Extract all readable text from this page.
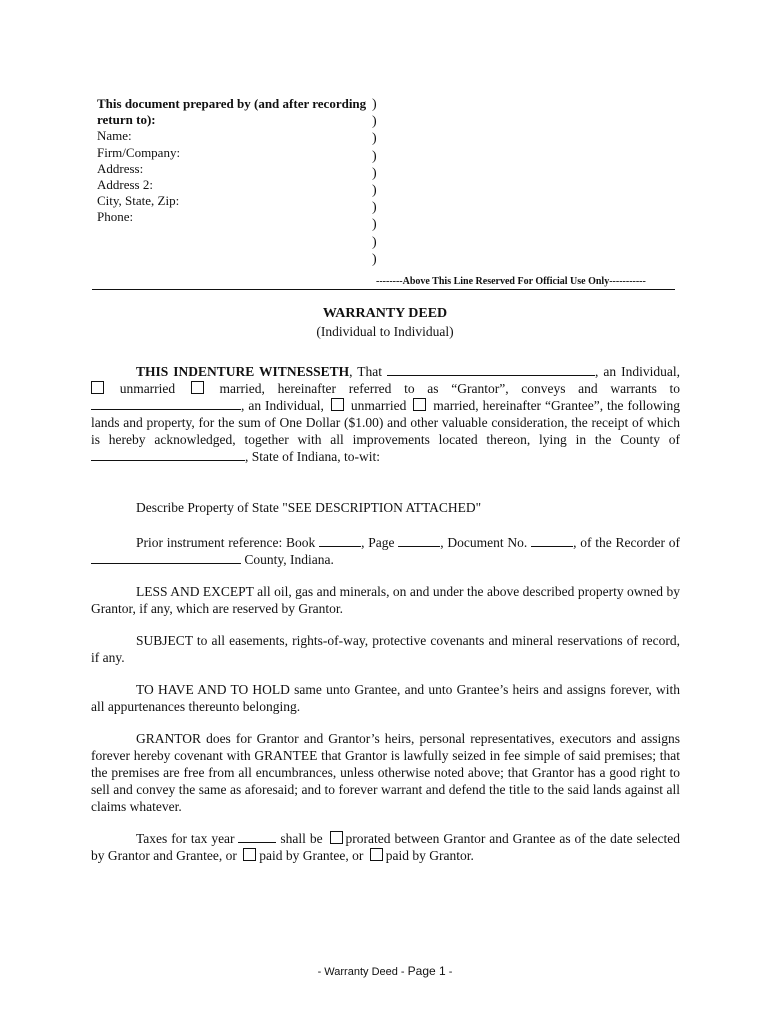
This document prepared by (and after recording
return to):
Name:
Firm/Company:
Address:
Address 2:
City, State, Zip:
Phone:
)
)
)
)
)
)
)
)
)
)
--------Above This Line Reserved For Official Use Only-----------
WARRANTY DEED
(Individual to Individual)

THIS INDENTURE WITNESSETH, That	, an Individual,  unmarried	married, hereinafter referred to as “Grantor”, conveys and warrants to , an Individual, unmarried married, hereinafter “Grantee”, the following lands and property, for the sum of One Dollar ($1.00) and other valuable consideration, the receipt of which is hereby acknowledged, together with all improvements located thereon, lying in the County of , State of Indiana, to-wit:

Describe Property of State "SEE DESCRIPTION ATTACHED"

Prior instrument reference: Book	, Page	, Document No.	, of the Recorder of  County, Indiana.

LESS AND EXCEPT all oil, gas and minerals, on and under the above described property owned by Grantor, if any, which are reserved by Grantor.

SUBJECT to all easements, rights-of-way, protective covenants and mineral reservations of record, if any.

TO HAVE AND TO HOLD same unto Grantee, and unto Grantee’s heirs and assigns forever, with all appurtenances thereunto belonging.

GRANTOR does for Grantor and Grantor’s heirs, personal representatives, executors and assigns forever hereby covenant with GRANTEE that Grantor is lawfully seized in fee simple of said premises; that the premises are free from all encumbrances, unless otherwise noted above; that Grantor has a good right to sell and convey the same as aforesaid; and to forever warrant and defend the title to the said lands against all claims whatever.

Taxes for tax year	shall be prorated between Grantor and Grantee as of the date selected by Grantor and Grantee, or paid by Grantee, or paid by Grantor.

- Warranty Deed - Page 1 -
